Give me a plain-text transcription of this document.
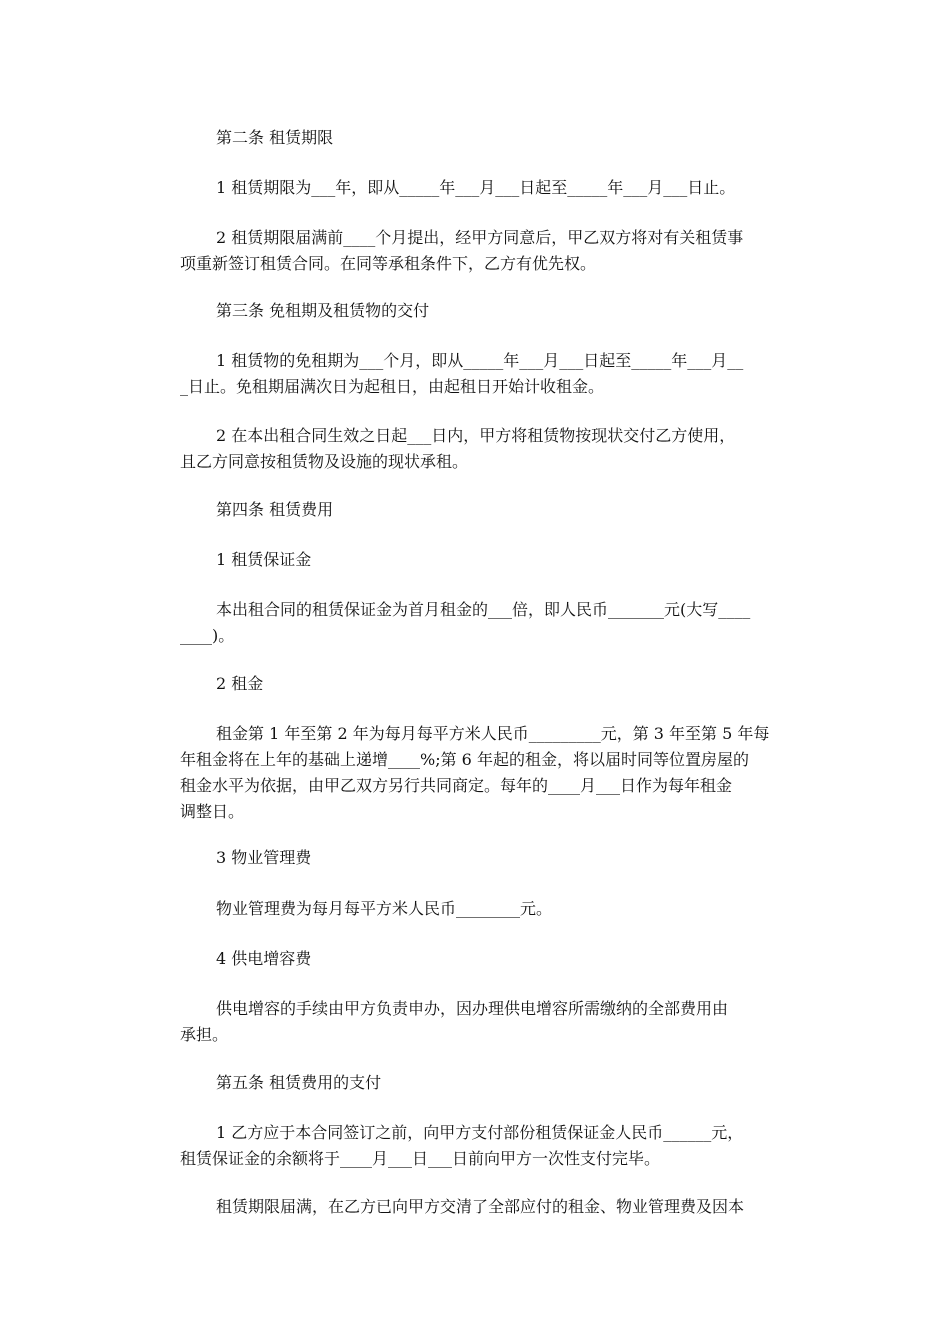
第二条 租赁期限
1 租赁期限为___年，即从_____年___月___日起至_____年___月___日止。
2 租赁期限届满前____个月提出，经甲方同意后，甲乙双方将对有关租赁事
项重新签订租赁合同。在同等承租条件下，乙方有优先权。
第三条 免租期及租赁物的交付
1 租赁物的免租期为___个月，即从_____年___月___日起至_____年___月__
_日止。免租期届满次日为起租日，由起租日开始计收租金。
2 在本出租合同生效之日起___日内，甲方将租赁物按现状交付乙方使用，
且乙方同意按租赁物及设施的现状承租。
第四条 租赁费用
1 租赁保证金
本出租合同的租赁保证金为首月租金的___倍，即人民币_______元(大写____
____)。
2 租金
租金第 1 年至第 2 年为每月每平方米人民币_________元，第 3 年至第 5 年每
年租金将在上年的基础上递增____%;第 6 年起的租金，将以届时同等位置房屋的
租金水平为依据，由甲乙双方另行共同商定。每年的____月___日作为每年租金
调整日。
3 物业管理费
物业管理费为每月每平方米人民币________元。
4 供电增容费
供电增容的手续由甲方负责申办，因办理供电增容所需缴纳的全部费用由
承担。
第五条 租赁费用的支付
1 乙方应于本合同签订之前，向甲方支付部份租赁保证金人民币______元，
租赁保证金的余额将于____月___日___日前向甲方一次性支付完毕。
租赁期限届满，在乙方已向甲方交清了全部应付的租金、物业管理费及因本
